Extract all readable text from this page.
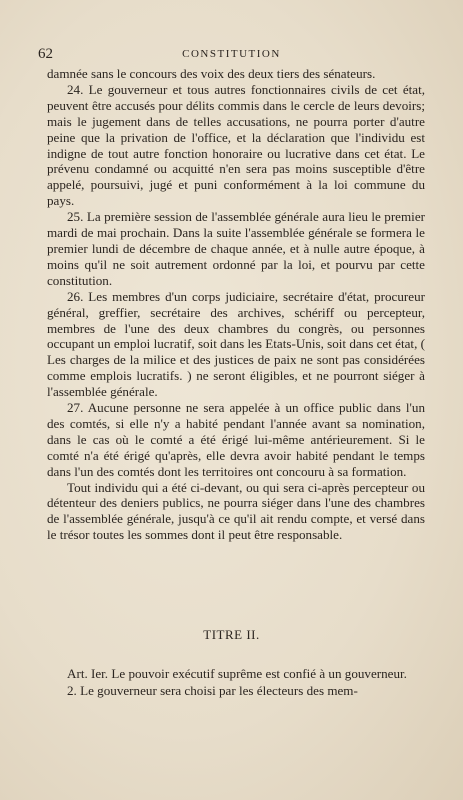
62	CONSTITUTION

damnée sans le concours des voix des deux tiers des sénateurs.

24. Le gouverneur et tous autres fonctionnaires civils de cet état, peuvent être accusés pour délits commis dans le cercle de leurs devoirs; mais le jugement dans de telles accusations, ne pourra porter d'autre peine que la privation de l'office, et la déclaration que l'individu est indigne de tout autre fonction honoraire ou lucrative dans cet état. Le prévenu condamné ou acquitté n'en sera pas moins susceptible d'être appelé, poursuivi, jugé et puni conformément à la loi commune du pays.

25. La première session de l'assemblée générale aura lieu le premier mardi de mai prochain. Dans la suite l'assemblée générale se formera le premier lundi de décembre de chaque année, et à nulle autre époque, à moins qu'il ne soit autrement ordonné par la loi, et pourvu par cette constitution.

26. Les membres d'un corps judiciaire, secrétaire d'état, procureur général, greffier, secrétaire des archives, schériff ou percepteur, membres de l'une des deux chambres du congrès, ou personnes occupant un emploi lucratif, soit dans les Etats-Unis, soit dans cet état, ( Les charges de la milice et des justices de paix ne sont pas considérées comme emplois lucratifs. ) ne seront éligibles, et ne pourront siéger à l'assemblée générale.

27. Aucune personne ne sera appelée à un office public dans l'un des comtés, si elle n'y a habité pendant l'année avant sa nomination, dans le cas où le comté a été érigé lui-même antérieurement. Si le comté n'a été érigé qu'après, elle devra avoir habité pendant le temps dans l'un des comtés dont les territoires ont concouru à sa formation.

Tout individu qui a été ci-devant, ou qui sera ci-après percepteur ou détenteur des deniers publics, ne pourra siéger dans l'une des chambres de l'assemblée générale, jusqu'à ce qu'il ait rendu compte, et versé dans le trésor toutes les sommes dont il peut être responsable.

TITRE II.

Art. Ier. Le pouvoir exécutif suprême est confié à un gouverneur.

2. Le gouverneur sera choisi par les électeurs des mem-
